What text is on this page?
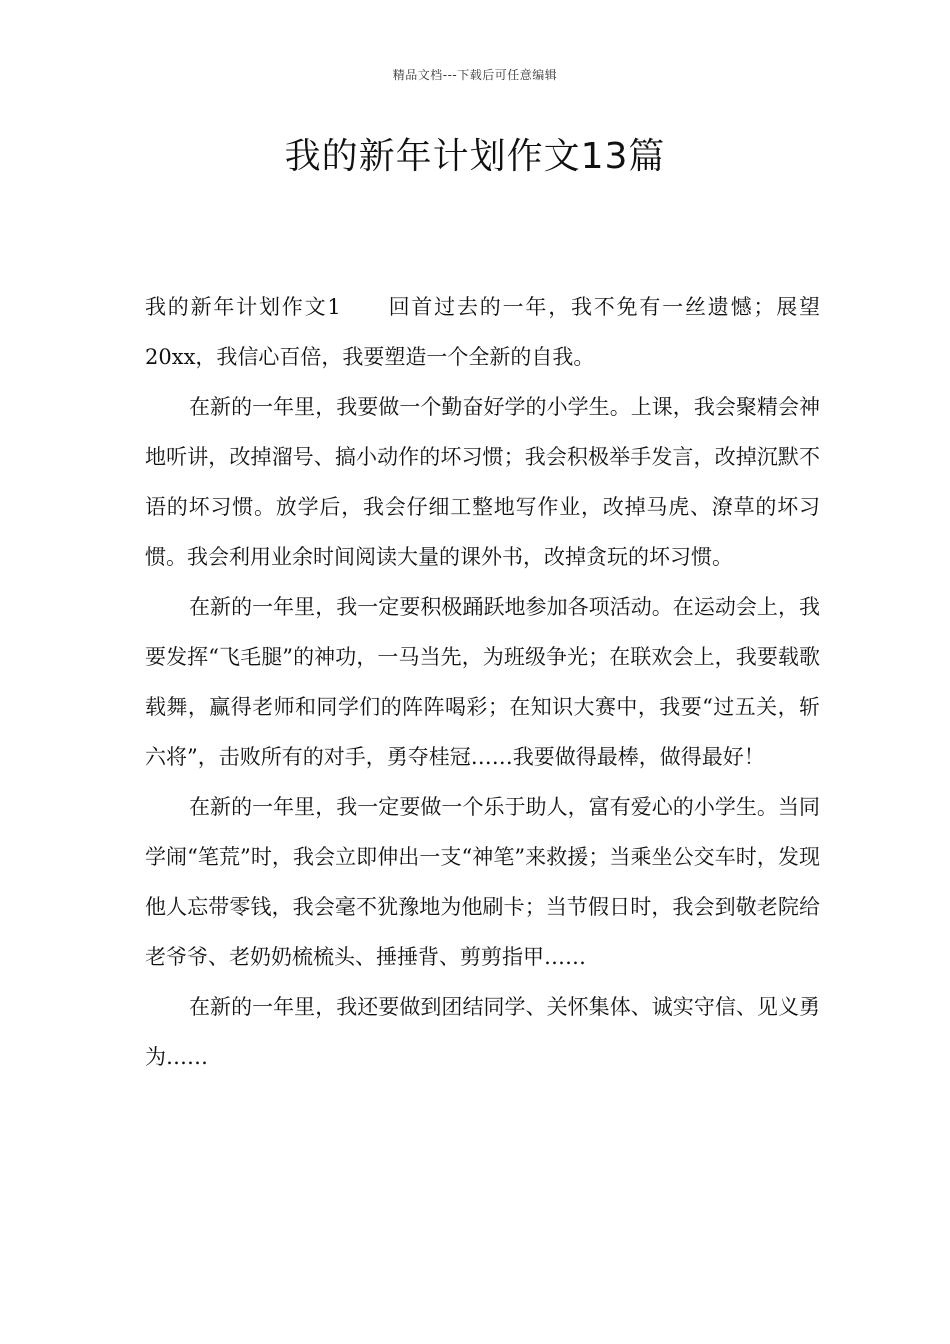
精品文档---下载后可任意编辑
我的新年计划作文13篇

我的新年计划作文1 回首过去的一年，我不免有一丝遗憾；展望20xx，我信心百倍，我要塑造一个全新的自我。

在新的一年里，我要做一个勤奋好学的小学生。上课，我会聚精会神地听讲，改掉溜号、搞小动作的坏习惯；我会积极举手发言，改掉沉默不语的坏习惯。放学后，我会仔细工整地写作业，改掉马虎、潦草的坏习惯。我会利用业余时间阅读大量的课外书，改掉贪玩的坏习惯。

在新的一年里，我一定要积极踊跃地参加各项活动。在运动会上，我要发挥“飞毛腿”的神功，一马当先，为班级争光；在联欢会上，我要载歌载舞，赢得老师和同学们的阵阵喝彩；在知识大赛中，我要“过五关，斩六将”，击败所有的对手，勇夺桂冠……我要做得最棒，做得最好！

在新的一年里，我一定要做一个乐于助人，富有爱心的小学生。当同学闹“笔荒”时，我会立即伸出一支“神笔”来救援；当乘坐公交车时，发现他人忘带零钱，我会毫不犹豫地为他刷卡；当节假日时，我会到敬老院给老爷爷、老奶奶梳梳头、捶捶背、剪剪指甲……

在新的一年里，我还要做到团结同学、关怀集体、诚实守信、见义勇为……
